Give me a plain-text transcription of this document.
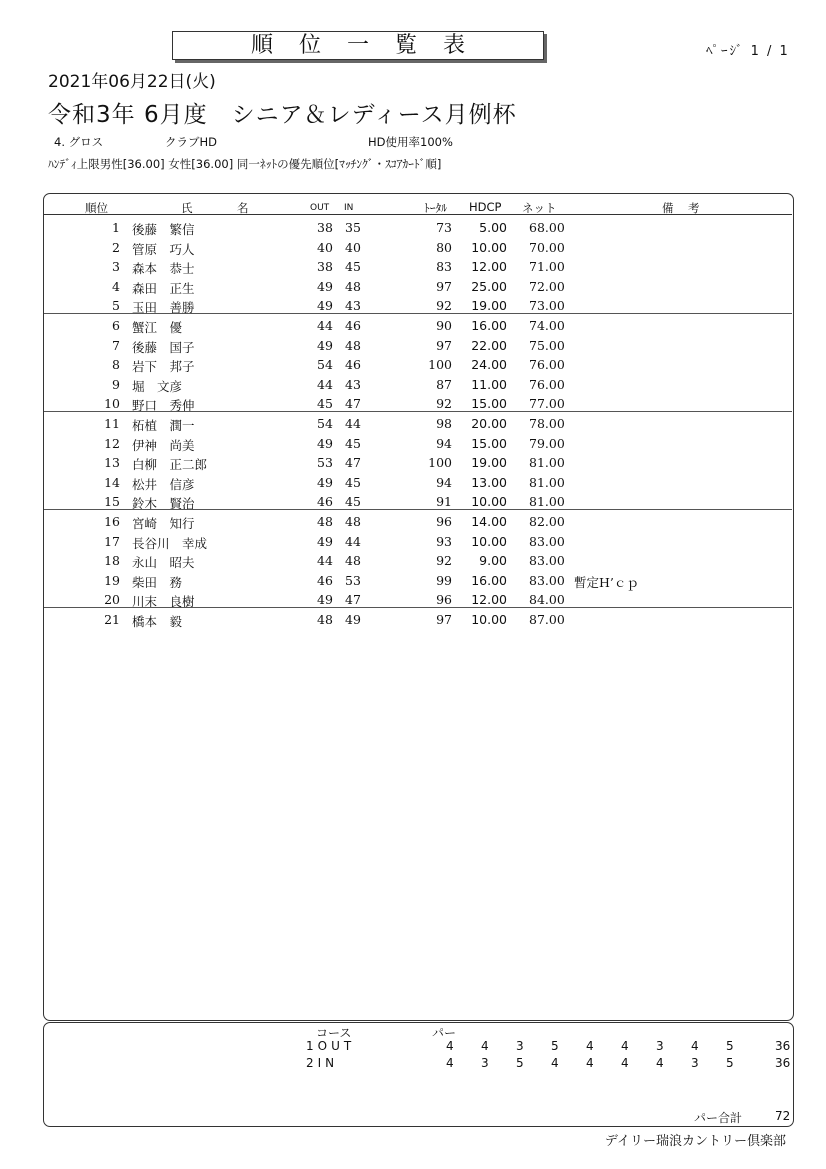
順位一覧表	ﾍﾟｰｼﾞ 1 / 1
2021年06月22日(火)
令和3年 6月度　シニア＆レディース月例杯
4. グロス	クラブHD	HD使用率100%
ﾊﾝﾃﾞｨ上限男性[36.00] 女性[36.00] 同一ﾈｯﾄの優先順位[ﾏｯﾁﾝｸﾞ・ｽｺｱｶｰﾄﾞ順]
順位	氏	名	OUT IN	ﾄｰﾀﾙ HDCP ネット	備 考
1 後藤　繁信	38 35	73 5.00 68.00
2 管原　巧人	40 40	80 10.00 70.00
3 森本　恭士	38 45	83 12.00 71.00
4 森田　正生	49 48	97 25.00 72.00
5 玉田　善勝	49 43	92 19.00 73.00
6 蟹江　優	44 46	90 16.00 74.00
7 後藤　国子	49 48	97 22.00 75.00
8 岩下　邦子	54 46	100 24.00 76.00
9 堀　文彦	44 43	87 11.00 76.00
10 野口　秀伸	45 47	92 15.00 77.00
11 柘植　潤一	54 44	98 20.00 78.00
12 伊神　尚美	49 45	94 15.00 79.00
13 白柳　正二郎	53 47	100 19.00 81.00
14 松井　信彦	49 45	94 13.00 81.00
15 鈴木　賢治	46 45	91 10.00 81.00
16 宮崎　知行	48 48	96 14.00 82.00
17 長谷川　幸成	49 44	93 10.00 83.00
18 永山　昭夫	44 48	92 9.00 83.00
19 柴田　務	46 53	99 16.00 83.00 暫定H’ｃｐ
20 川末　良樹	49 47	96 12.00 84.00
21 橋本　毅	48 49	97 10.00 87.00
コース	パー
1OUT	4 4 3 5 4 4 3 4 5	36
2IN	4 3 5 4 4 4 4 3 5	36
パー合計	72
デイリー瑞浪カントリー倶楽部
